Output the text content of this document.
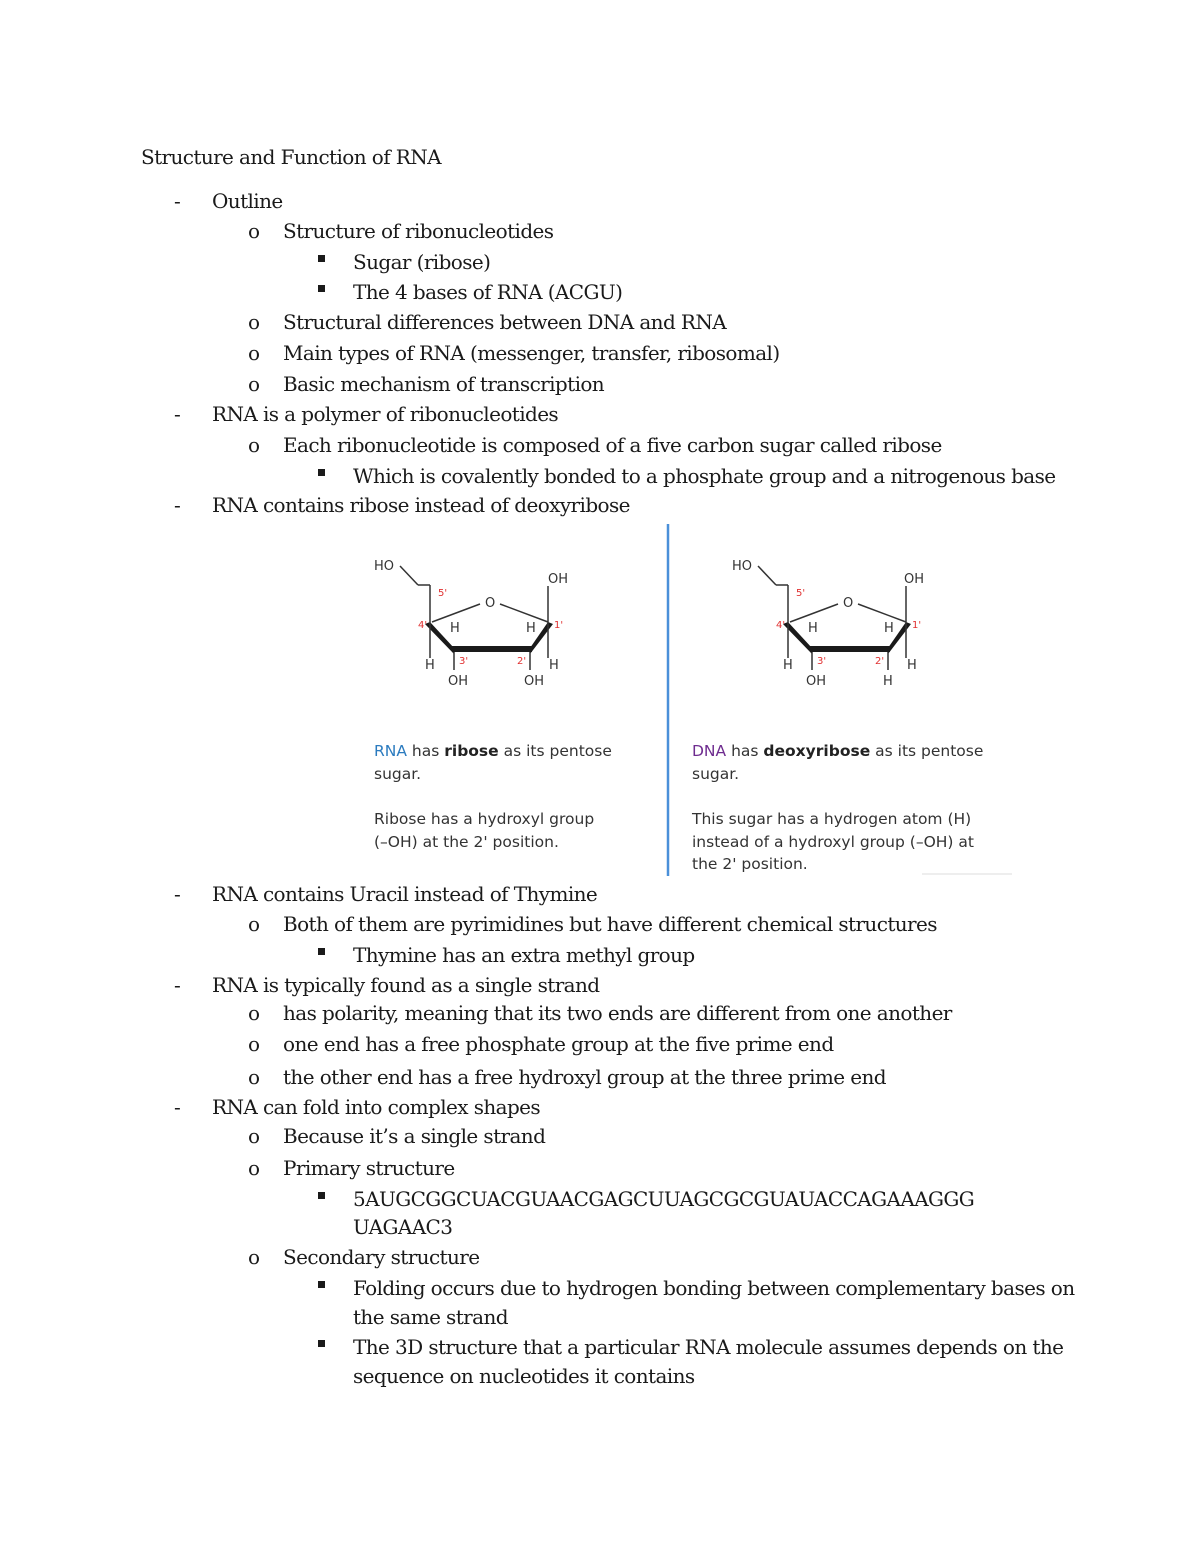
Structure and Function of RNA
- Outline
o Structure of ribonucleotides
Sugar (ribose)
The 4 bases of RNA (ACGU)
o Structural differences between DNA and RNA
o Main types of RNA (messenger, transfer, ribosomal)
o Basic mechanism of transcription
- RNA is a polymer of ribonucleotides
o Each ribonucleotide is composed of a five carbon sugar called ribose
Which is covalently bonded to a phosphate group and a nitrogenous base
- RNA contains ribose instead of deoxyribose
HO
5'
O
OH
1'
4' H	H
H 3'
OH
2'
OH
H
HO
5'
O
OH
1'
4' H	H
H 3'
OH
2'
H
H
RNA has ribose as its pentose
sugar.
Ribose has a hydroxyl group
(–OH) at the 2' position.
DNA has deoxyribose as its pentose
sugar.
This sugar has a hydrogen atom (H)
instead of a hydroxyl group (–OH) at
the 2' position.
- RNA contains Uracil instead of Thymine
o Both of them are pyrimidines but have different chemical structures
Thymine has an extra methyl group
- RNA is typically found as a single strand
o has polarity, meaning that its two ends are different from one another
o one end has a free phosphate group at the five prime end
o the other end has a free hydroxyl group at the three prime end
- RNA can fold into complex shapes
o Because it’s a single strand
o Primary structure
5AUGCGGCUACGUAACGAGCUUAGCGCGUAUACCAGAAAGGG
UAGAAC3
o Secondary structure
Folding occurs due to hydrogen bonding between complementary bases on
the same strand
The 3D structure that a particular RNA molecule assumes depends on the
sequence on nucleotides it contains
